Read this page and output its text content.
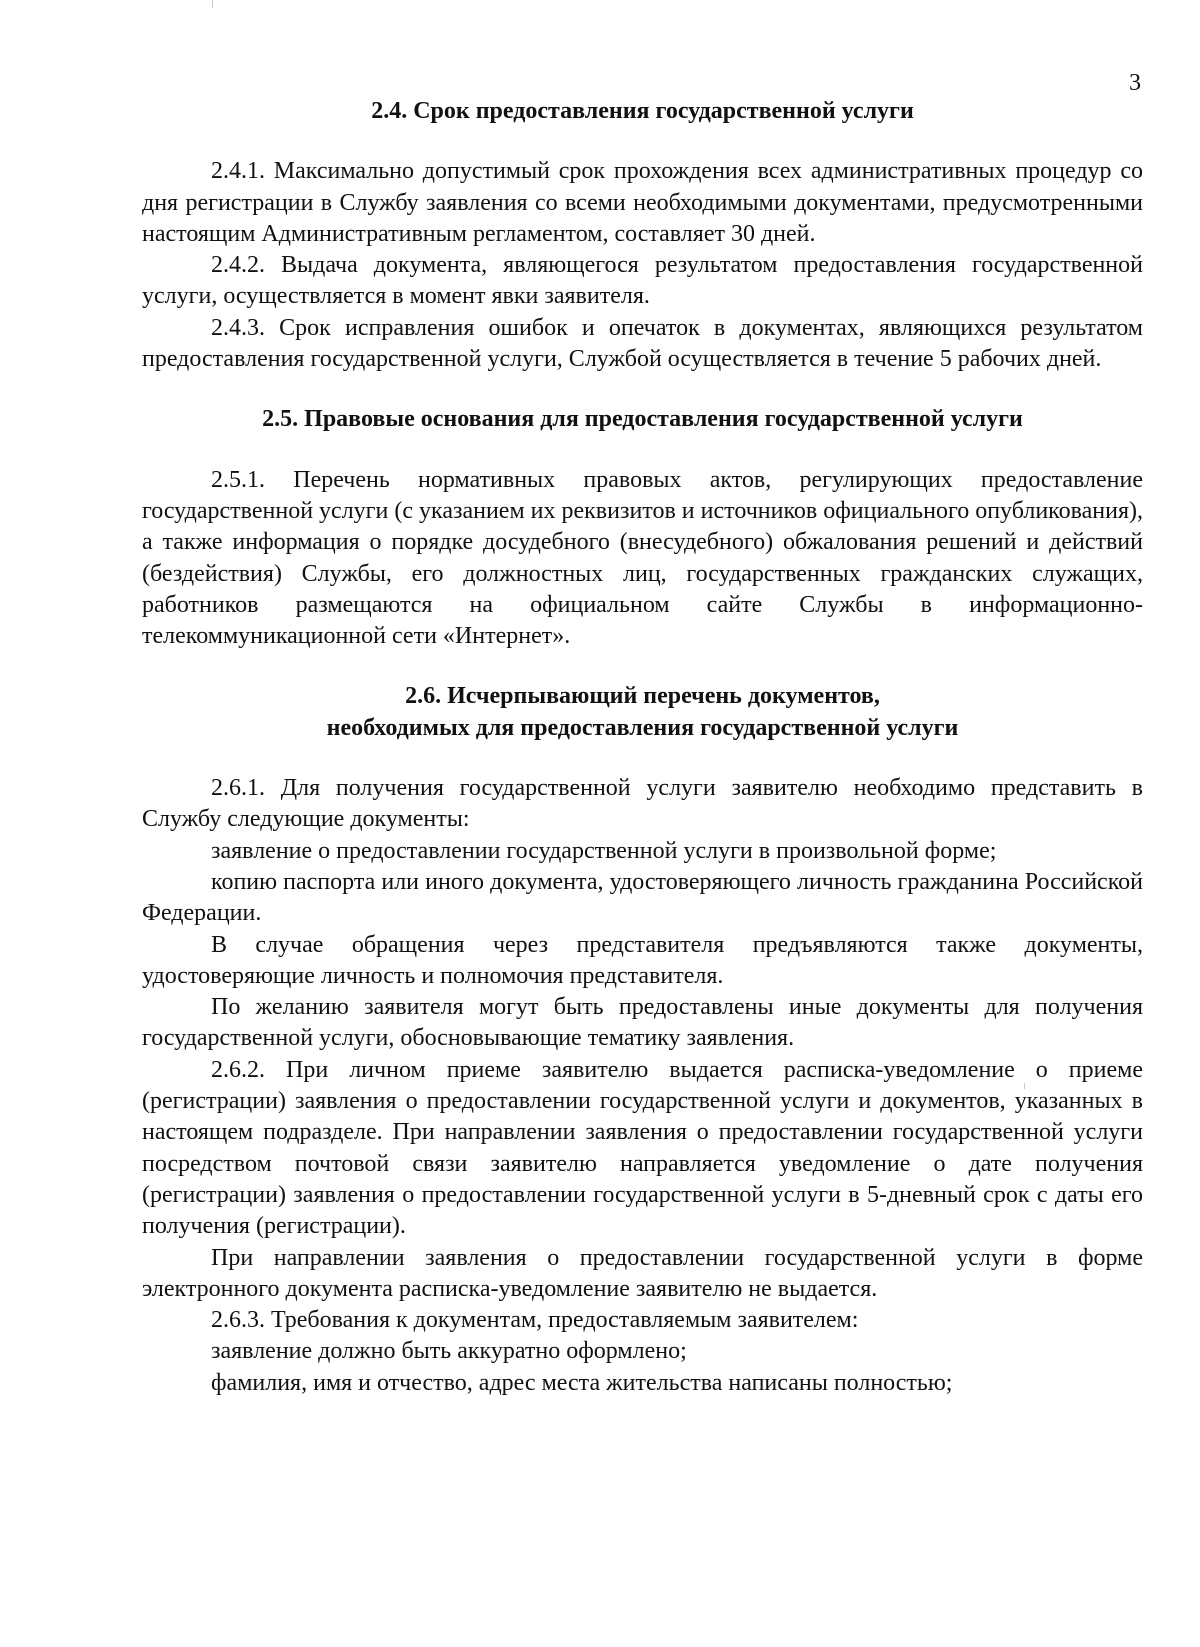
3
2.4. Срок предоставления государственной услуги

2.4.1. Максимально допустимый срок прохождения всех административных процедур со дня регистрации в Службу заявления со всеми необходимыми документами, предусмотренными настоящим Административным регламентом, составляет 30 дней.

2.4.2. Выдача документа, являющегося результатом предоставления государственной услуги, осуществляется в момент явки заявителя.

2.4.3. Срок исправления ошибок и опечаток в документах, являющихся результатом предоставления государственной услуги, Службой осуществляется в течение 5 рабочих дней.

2.5. Правовые основания для предоставления государственной услуги

2.5.1. Перечень нормативных правовых актов, регулирующих предоставление государственной услуги (с указанием их реквизитов и источников официального опубликования), а также информация о порядке досудебного (внесудебного) обжалования решений и действий (бездействия) Службы, его должностных лиц, государственных гражданских служащих, работников размещаются на официальном сайте Службы в информационно-телекоммуникационной сети «Интернет».

2.6. Исчерпывающий перечень документов,
необходимых для предоставления государственной услуги

2.6.1. Для получения государственной услуги заявителю необходимо представить в Службу следующие документы:

заявление о предоставлении государственной услуги в произвольной форме;

копию паспорта или иного документа, удостоверяющего личность гражданина Российской Федерации.

В случае обращения через представителя предъявляются также документы, удостоверяющие личность и полномочия представителя.

По желанию заявителя могут быть предоставлены иные документы для получения государственной услуги, обосновывающие тематику заявления.

2.6.2. При личном приеме заявителю выдается расписка-уведомление о приеме (регистрации) заявления о предоставлении государственной услуги и документов, указанных в настоящем подразделе. При направлении заявления о предоставлении государственной услуги посредством почтовой связи заявителю направляется уведомление о дате получения (регистрации) заявления о предоставлении государственной услуги в 5-дневный срок с даты его получения (регистрации).

При направлении заявления о предоставлении государственной услуги в форме электронного документа расписка-уведомление заявителю не выдается.

2.6.3. Требования к документам, предоставляемым заявителем:

заявление должно быть аккуратно оформлено;

фамилия, имя и отчество, адрес места жительства написаны полностью;
